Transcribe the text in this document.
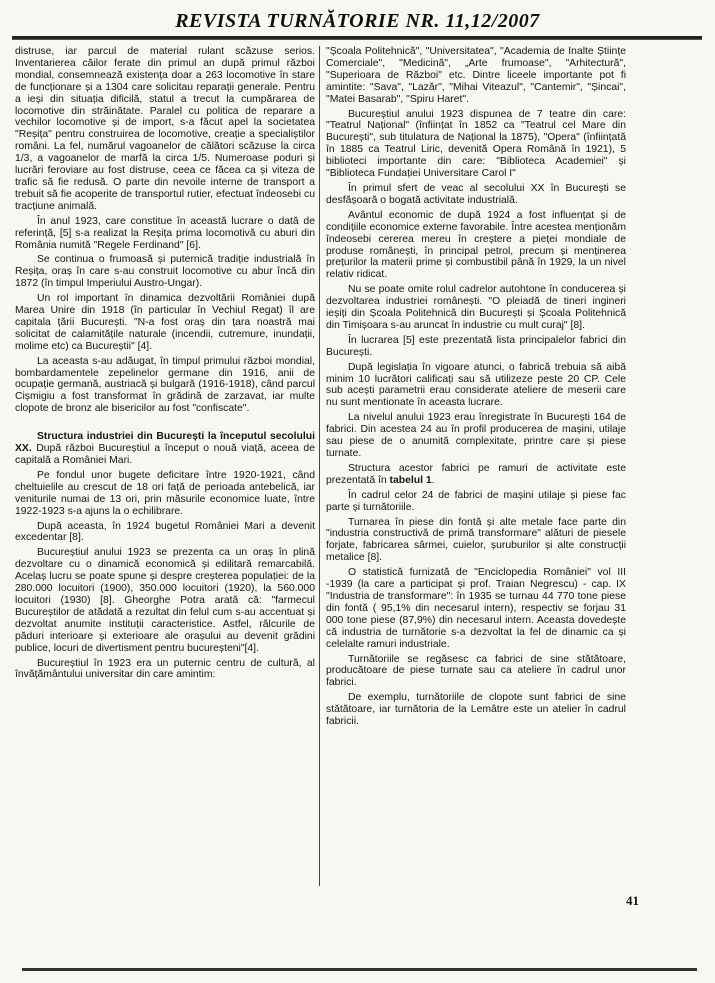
REVISTA TURNĂTORIE NR. 11,12/2007

distruse, iar parcul de material rulant scăzuse serios. Inventarierea căilor ferate din primul an după primul război mondial, consemnează existența doar a 263 locomotive în stare de funcționare și a 1304 care solicitau reparații generale. Pentru a ieși din situația dificilă, statul a trecut la cumpărarea de locomotive din străinătate. Paralel cu politica de reparare a vechilor locomotive și de import, s-a făcut apel la societatea "Reșița" pentru construirea de locomotive, creație a specialiștilor români. La fel, numărul vagoanelor de călători scăzuse la circa 1/3, a vagoanelor de marfă la circa 1/5. Numeroase poduri și lucrări feroviare au fost distruse, ceea ce făcea ca și viteza de trafic să fie redusă. O parte din nevoile interne de transport a trebuit să fie acoperite de transportul rutier, efectuat îndeosebi cu tracțiune animală.

În anul 1923, care constitue în această lucrare o dată de referință, [5] s-a realizat la Reșița prima locomotivă cu aburi din România numită "Regele Ferdinand" [6].

Se continua o frumoasă și puternică tradiție industrială în Reșița, oraș în care s-au construit locomotive cu abur încă din 1872 (în timpul Imperiului Austro-Ungar).

Un rol important în dinamica dezvoltării României după Marea Unire din 1918 (în particular în Vechiul Regat) îl are capitala țării București. "N-a fost oraș din țara noastră mai solicitat de calamitățile naturale (incendii, cutremure, inundații, molime etc) ca Bucureștii" [4].

La aceasta s-au adăugat, în timpul primului război mondial, bombardamentele zepelinelor germane din 1916, anii de ocupație germană, austriacă și bulgară (1916-1918), când parcul Cișmigiu a fost transformat în grădină de zarzavat, iar multe clopote de bronz ale bisericilor au fost "confiscate".

Structura industriei din București la începutul secolului XX. După război Bucureștiul a început o nouă viață, aceea de capitală a României Mari.

Pe fondul unor bugete deficitare între 1920-1921, când cheltuielile au crescut de 18 ori față de perioada antebelică, iar veniturile numai de 13 ori, prin măsurile economice luate, între 1922-1923 s-a ajuns la o echilibrare.

După aceasta, în 1924 bugetul României Mari a devenit excedentar [8].

Bucureștiul anului 1923 se prezenta ca un oraș în plină dezvoltare cu o dinamică economică și edilitară remarcabilă. Acelaș lucru se poate spune și despre creșterea populației: de la 280.000 locuitori (1900), 350.000 locuitori (1920), la 560.000 locuitori (1930) [8]. Gheorghe Potra arată că: "farmecul Bucureștilor de atădată a rezultat din felul cum s-au accentuat și dezvoltat anumite instituții caracteristice. Astfel, rălcurile de păduri interioare și exterioare ale orașului au devenit grădini publice, locuri de divertisment pentru bucureșteni"[4].

Bucureștiul în 1923 era un puternic centru de cultură, al învățământului universitar din care amintim:

"Școala Politehnică", "Universitatea", "Academia de Înalte Științe Comerciale", "Medicină", „Arte frumoase", "Arhitectură", "Superioara de Război" etc. Dintre liceele importante pot fi amintite: "Sava", "Lazăr", "Mihai Viteazul", "Cantemir", "Șincai", "Matei Basarab", "Spiru Haret".

Bucureștiul anului 1923 dispunea de 7 teatre din care: "Teatrul Național" (înființat în 1852 ca "Teatrul cel Mare din București", sub titulatura de Național la 1875), "Opera" (înființată în 1885 ca Teatrul Liric, devenită Opera Română în 1921), 5 biblioteci importante din care: "Biblioteca Academiei" și "Biblioteca Fundației Universitare Carol I"

În primul sfert de veac al secolului XX în București se desfășoară o bogată activitate industrială.

Avântul economic de după 1924 a fost influențat și de condițiile economice externe favorabile. Între acestea menționăm îndeosebi cererea mereu în creștere a pieței mondiale de produse românești, în principal petrol, precum și menținerea prețurilor la materii prime și combustibil până în 1929, la un nivel relativ ridicat.

Nu se poate omite rolul cadrelor autohtone în conducerea și dezvoltarea industriei românești. "O pleiadă de tineri ingineri ieșiți din Școala Politehnică din București și Școala Politehnică din Timișoara s-au aruncat în industrie cu mult curaj" [8].

În lucrarea [5] este prezentată lista principalelor fabrici din București.

După legislația în vigoare atunci, o fabrică trebuia să aibă minim 10 lucrători calificați sau să utilizeze peste 20 CP. Cele sub acești parametrii erau considerate ateliere de meserii care nu sunt mentionate în aceasta lucrare.

La nivelul anului 1923 erau înregistrate în București 164 de fabrici. Din acestea 24 au în profil producerea de mașini, utilaje sau piese de o anumită complexitate, printre care și piese turnate.

Structura acestor fabrici pe ramuri de activitate este prezentată în tabelul 1.

În cadrul celor 24 de fabrici de mașini utilaje și piese fac parte și turnătoriile.

Turnarea în piese din fontă și alte metale face parte din "industria constructivă de primă transformare" alături de piesele forjate, fabricarea sârmei, cuielor, șuruburilor și alte construcții metalice [8].

O statistică furnizată de "Enciclopedia României" vol III -1939 (la care a participat și prof. Traian Negrescu) - cap. IX "Industria de transformare": în 1935 se turnau 44 770 tone piese din fontă ( 95,1% din necesarul intern), respectiv se forjau 31 000 tone piese (87,9%) din necesarul intern. Aceasta dovedește că industria de turnătorie s-a dezvoltat la fel de dinamic ca și celelalte ramuri industriale.

Turnătoriile se regăsesc ca fabrici de sine stătătoare, producătoare de piese turnate sau ca ateliere în cadrul unor fabrici.

De exemplu, turnătoriile de clopote sunt fabrici de sine stătătoare, iar turnătoria de la Lemâtre este un atelier în cadrul fabricii.

41
